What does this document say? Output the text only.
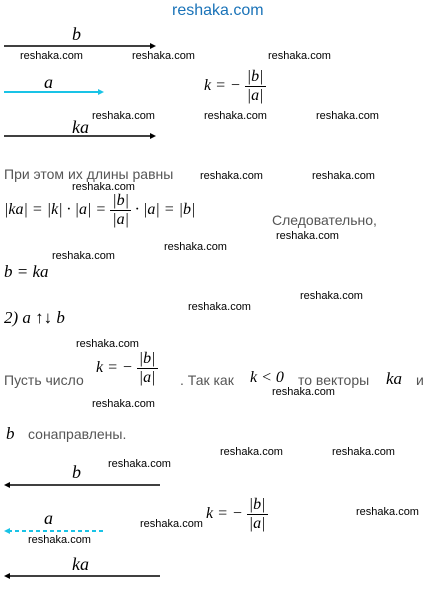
reshaka.com
b
reshaka.com	reshaka.com	reshaka.com
a	k = − $\frac{|b|}{|a|}$
ka
reshaka.com	reshaka.com	reshaka.com
При этом их длины равны reshaka.com	reshaka.com
reshaka.com
$|ka| = |k| \cdot |a| = \frac{|b|}{|a|} \cdot |a| = |b|$
Следовательно,
reshaka.com
reshaka.com
reshaka.com
b = ka
reshaka.com
reshaka.com
2) a ↑↓ b
reshaka.com
Пусть число
k = − $\frac{|b|}{|a|}$ . Так как k < 0 то векторы ka и
reshaka.com
reshaka.com
b сонаправлены.
reshaka.com	reshaka.com
reshaka.com
b
a	reshaka.com
k = − $\frac{|b|}{|a|}$	reshaka.com
reshaka.com
ka
